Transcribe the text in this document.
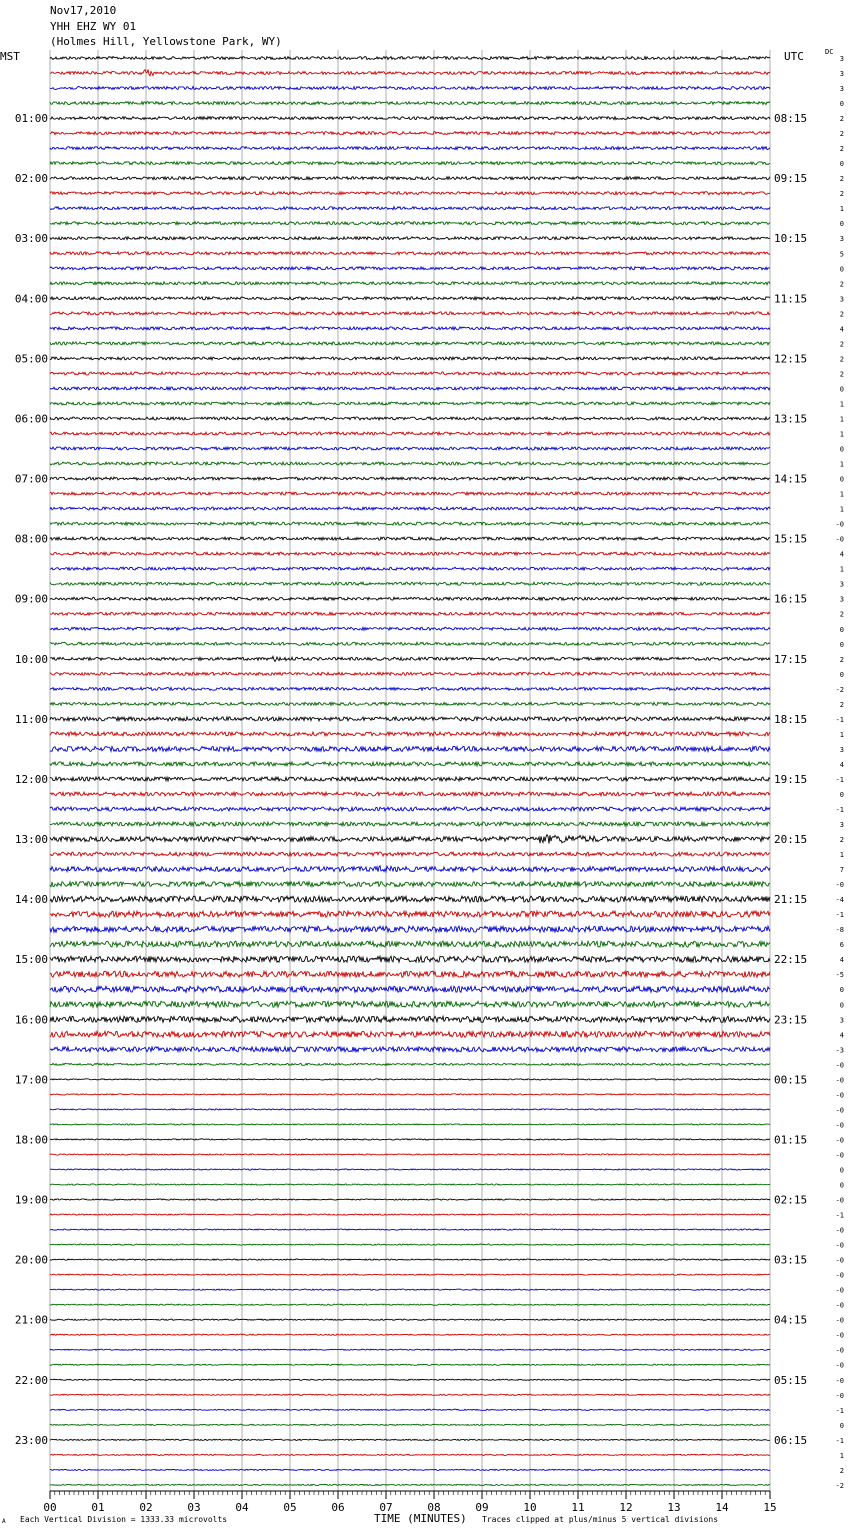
Nov17,2010
YHH EHZ WY 01
(Holmes Hill, Yellowstone Park, WY)
MST	UTC	DC
00	01	02	03	04	05	06	07	08	09	10	11	12	13	14	15
01:00
02:00
03:00
04:00
05:00
06:00
07:00
08:00
09:00
10:00
11:00
12:00
13:00
14:00
15:00
16:00
17:00
18:00
19:00
20:00
21:00
22:00
23:00
08:15
09:15
10:15
11:15
12:15
13:15
14:15
15:15
16:15
17:15
18:15
19:15
20:15
21:15
22:15
23:15
00:15
01:15
02:15
03:15
04:15
05:15
06:15
3
3
3
0
2
2
2
0
2
2
1
0
3
5
0
2
3
2
4
2
2
2
0
1
1
1
0
1
0
1
1
-0
-0
4
1
3
3
2
0
0
2
0
-2
2
-1
1
3
4
-1
0
-1
3
2
1
7
-0
-4
-1
-8
6
4
-5
0
0
3
4
-3
-0
-0
-0
-0
-0
-0
-0
0
0
-0
-1
-0
-0
-0
-0
-0
-0
-0
-0
-0
-0
-0
-0
-1
0
-1
1
2
-2
A Each Vertical Division = 1333.33 microvolts	TIME (MINUTES) Traces clipped at plus/minus 5 vertical divisions
